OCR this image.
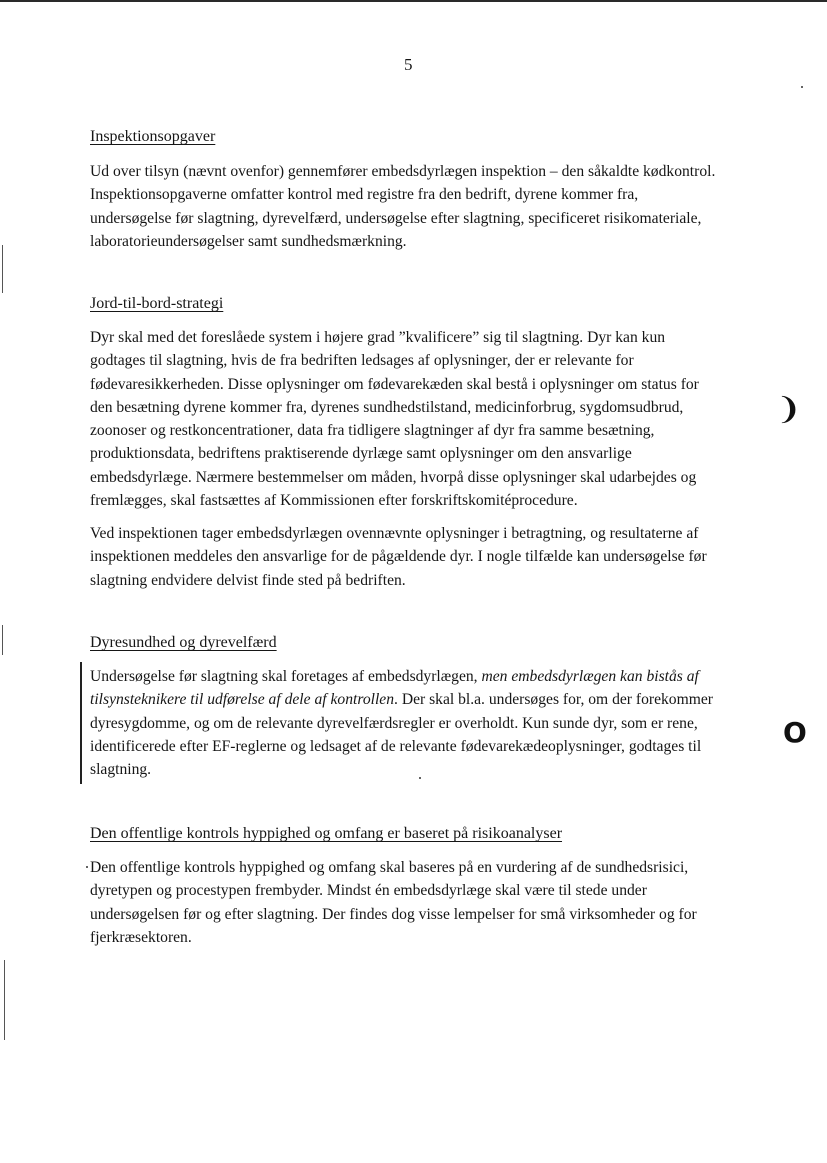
5
Inspektionsopgaver

Ud over tilsyn (nævnt ovenfor) gennemfører embedsdyrlægen inspektion – den såkaldte kødkontrol. Inspektionsopgaverne omfatter kontrol med registre fra den bedrift, dyrene kommer fra, undersøgelse før slagtning, dyrevelfærd, undersøgelse efter slagtning, specificeret risikomateriale, laboratorieundersøgelser samt sundhedsmærkning.

Jord-til-bord-strategi

Dyr skal med det foreslåede system i højere grad ”kvalificere” sig til slagtning. Dyr kan kun godtages til slagtning, hvis de fra bedriften ledsages af oplysninger, der er relevante for fødevaresikkerheden. Disse oplysninger om fødevarekæden skal bestå i oplysninger om status for den besætning dyrene kommer fra, dyrenes sundhedstilstand, medicinforbrug, sygdomsudbrud, zoonoser og restkoncentrationer, data fra tidligere slagtninger af dyr fra samme besætning, produktionsdata, bedriftens praktiserende dyrlæge samt oplysninger om den ansvarlige embedsdyrlæge. Nærmere bestemmelser om måden, hvorpå disse oplysninger skal udarbejdes og fremlægges, skal fastsættes af Kommissionen efter forskriftskomitéprocedure.

Ved inspektionen tager embedsdyrlægen ovennævnte oplysninger i betragtning, og resultaterne af inspektionen meddeles den ansvarlige for de pågældende dyr. I nogle tilfælde kan undersøgelse før slagtning endvidere delvist finde sted på bedriften.

Dyresundhed og dyrevelfærd

Undersøgelse før slagtning skal foretages af embedsdyrlægen, men embedsdyrlægen kan bistås af tilsynsteknikere til udførelse af dele af kontrollen. Der skal bl.a. undersøges for, om der forekommer dyresygdomme, og om de relevante dyrevelfærdsregler er overholdt. Kun sunde dyr, som er rene, identificerede efter EF-reglerne og ledsaget af de relevante fødevarekædeoplysninger, godtages til slagtning.

Den offentlige kontrols hyppighed og omfang er baseret på risikoanalyser

Den offentlige kontrols hyppighed og omfang skal baseres på en vurdering af de sundhedsrisici, dyretypen og procestypen frembyder. Mindst én embedsdyrlæge skal være til stede under undersøgelsen før og efter slagtning. Der findes dog visse lempelser for små virksomheder og for fjerkræsektoren.

❩
O
